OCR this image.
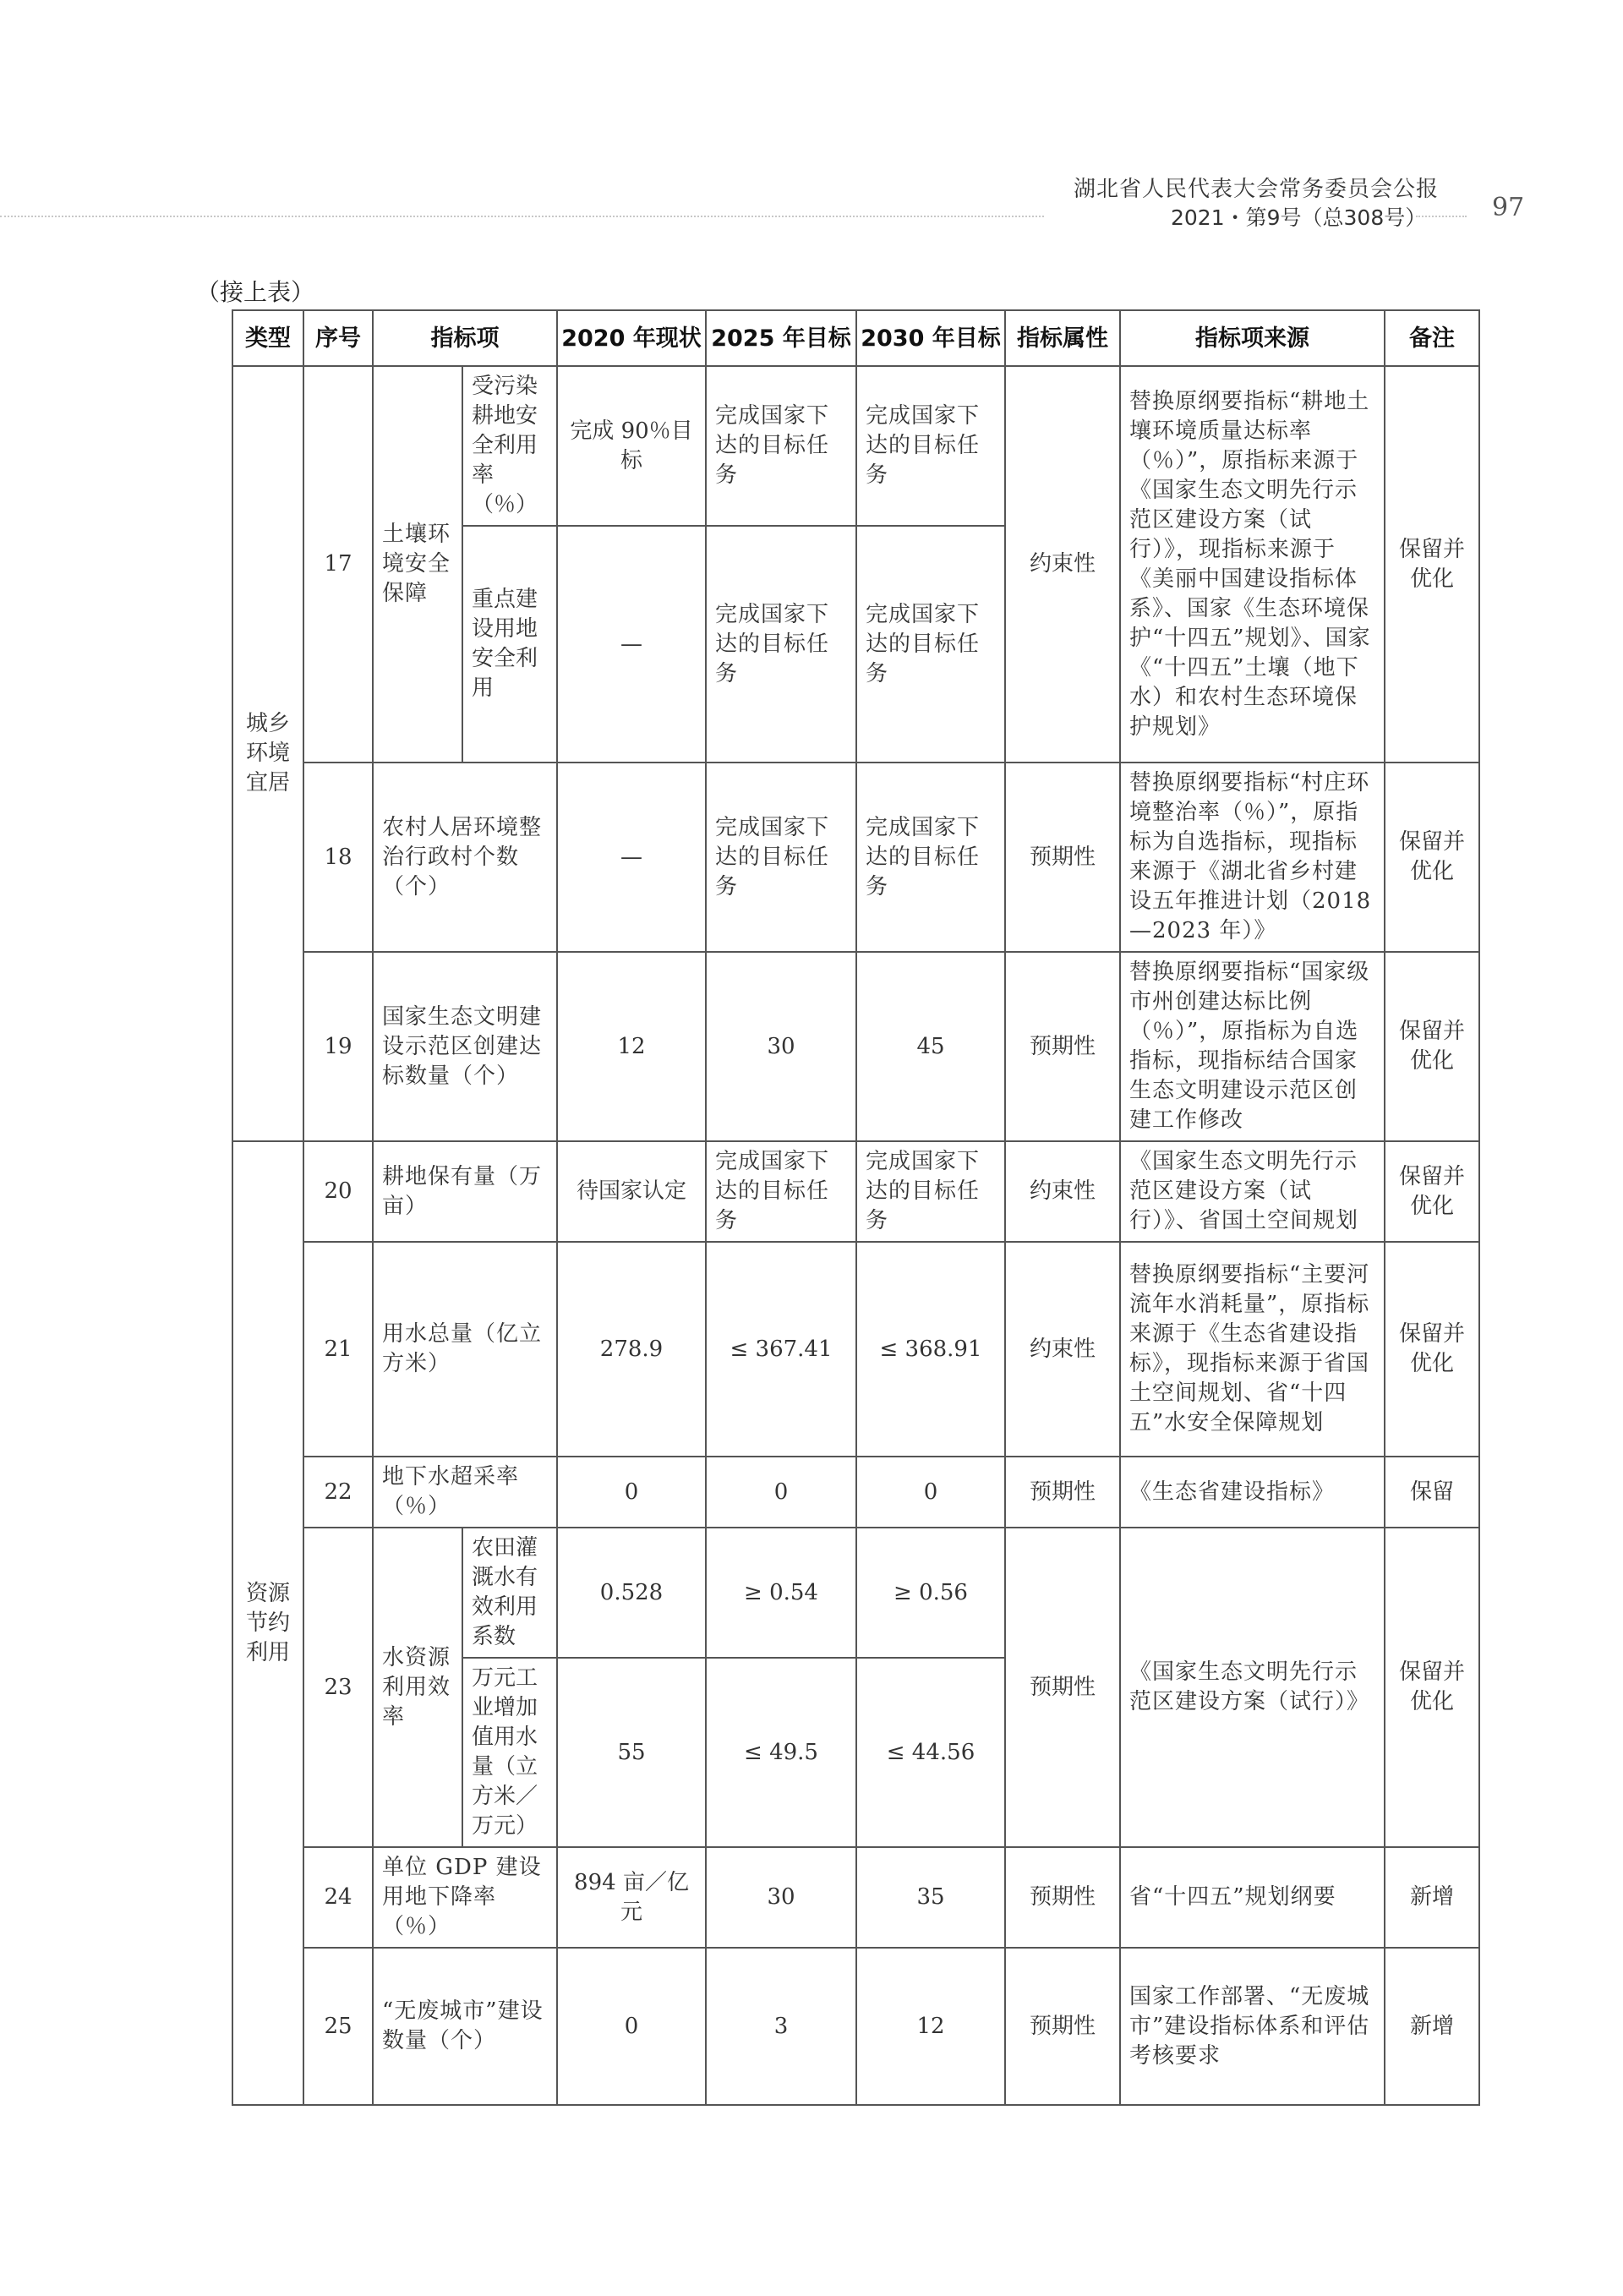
湖北省人民代表大会常务委员会公报
2021・第9号（总308号）	97
（接上表）
类型	序号	指标项		2020 年现状	2025 年目标	2030 年目标	指标属性	指标项来源	备注
城乡环境宜居	17	土壤环境安全保障	受污染耕地安全利用率（％）	完成 90％目标	完成国家下达的目标任务	完成国家下达的目标任务	约束性	替换原纲要指标“耕地土壤环境质量达标率（％）”，原指标来源于《国家生态文明先行示范区建设方案（试行）》，现指标来源于《美丽中国建设指标体系》、国家《生态环境保护“十四五”规划》、国家《“十四五”土壤（地下水）和农村生态环境保护规划》	保留并优化
			重点建设用地安全利用	—	完成国家下达的目标任务	完成国家下达的目标任务			
	18	农村人居环境整治行政村个数（个）		—	完成国家下达的目标任务	完成国家下达的目标任务	预期性	替换原纲要指标“村庄环境整治率（％）”，原指标为自选指标，现指标来源于《湖北省乡村建设五年推进计划（2018—2023 年）》	保留并优化
	19	国家生态文明建设示范区创建达标数量（个）		12	30	45	预期性	替换原纲要指标“国家级市州创建达标比例（％）”，原指标为自选指标，现指标结合国家生态文明建设示范区创建工作修改	保留并优化
资源节约利用	20	耕地保有量（万亩）		待国家认定	完成国家下达的目标任务	完成国家下达的目标任务	约束性	《国家生态文明先行示范区建设方案（试行）》、省国土空间规划	保留并优化
	21	用水总量（亿立方米）		278.9	≤ 367.41	≤ 368.91	约束性	替换原纲要指标“主要河流年水消耗量”，原指标来源于《生态省建设指标》，现指标来源于省国土空间规划、省“十四五”水安全保障规划	保留并优化
	22	地下水超采率（％）		0	0	0	预期性	《生态省建设指标》	保留
	23	水资源利用效率	农田灌溉水有效利用系数	0.528	≥ 0.54	≥ 0.56	预期性	《国家生态文明先行示范区建设方案（试行）》	保留并优化
			万元工业增加值用水量（立方米／万元）	55	≤ 49.5	≤ 44.56			
	24	单位 GDP 建设用地下降率（％）		894 亩／亿元	30	35	预期性	省“十四五”规划纲要	新增
	25	“无废城市”建设数量（个）		0	3	12	预期性	国家工作部署、“无废城市”建设指标体系和评估考核要求	新增
